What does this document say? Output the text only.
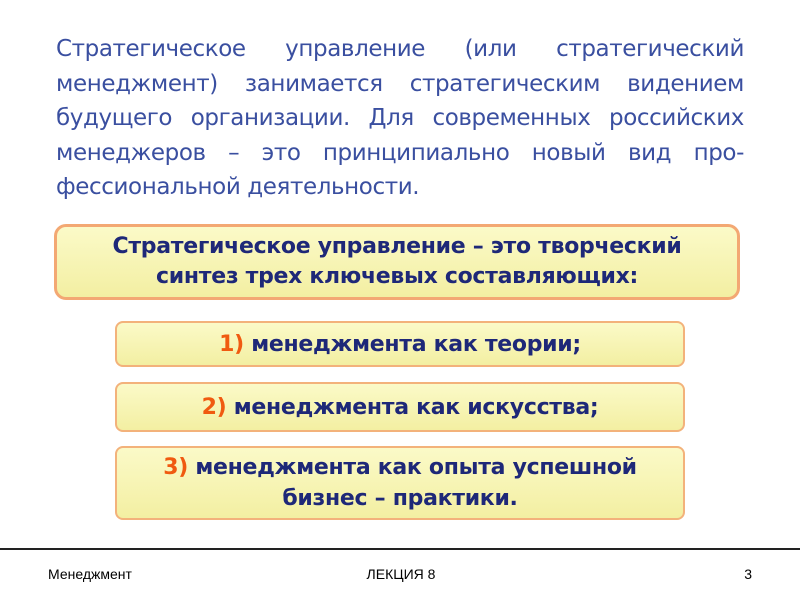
Стратегическое управление (или стратегический менеджмент) занимается стратегическим видением будущего организации. Для современных российских менеджеров – это принципиально новый вид про-фессиональной деятельности.

Стратегическое управление – это творческий
синтез трех ключевых составляющих:
1) менеджмента как теории;
2) менеджмента как искусства;
3) менеджмента как опыта успешной
бизнес – практики.
Менеджмент	ЛЕКЦИЯ 8	3
